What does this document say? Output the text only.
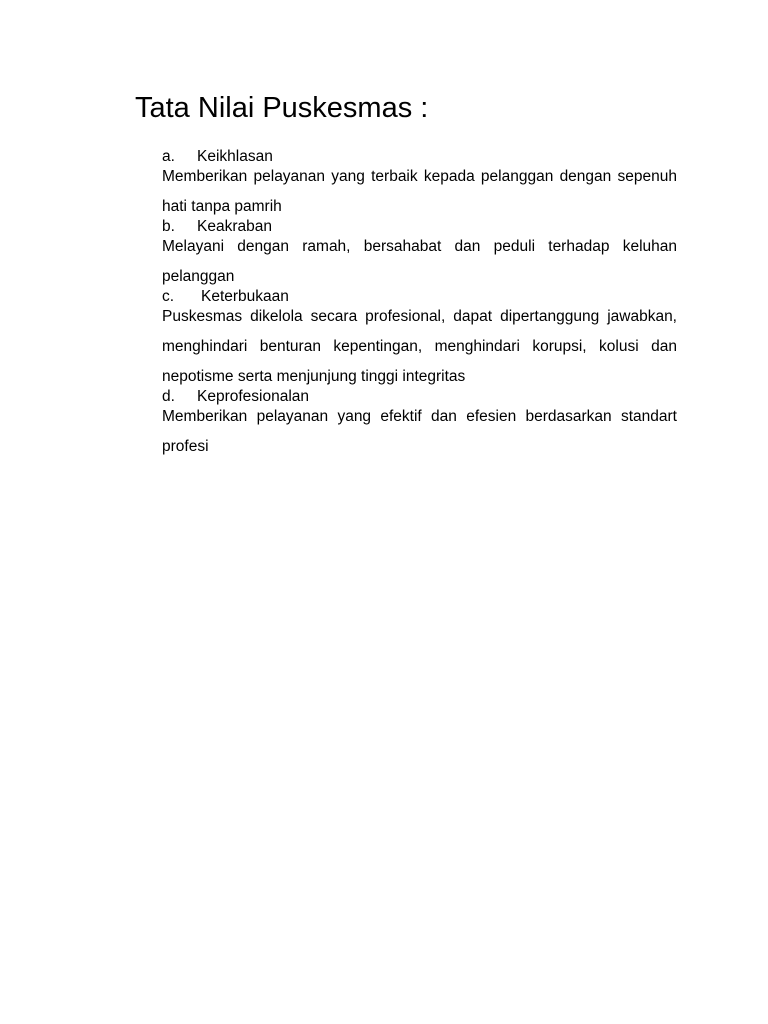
Tata Nilai Puskesmas :
a. Keikhlasan

Memberikan pelayanan yang terbaik kepada pelanggan dengan sepenuh hati tanpa pamrih

b. Keakraban

Melayani dengan ramah, bersahabat dan peduli terhadap keluhan pelanggan

c. Keterbukaan

Puskesmas dikelola secara profesional, dapat dipertanggung jawabkan, menghindari benturan kepentingan, menghindari korupsi, kolusi dan nepotisme serta menjunjung tinggi integritas

d. Keprofesionalan

Memberikan pelayanan yang efektif dan efesien berdasarkan standart profesi
